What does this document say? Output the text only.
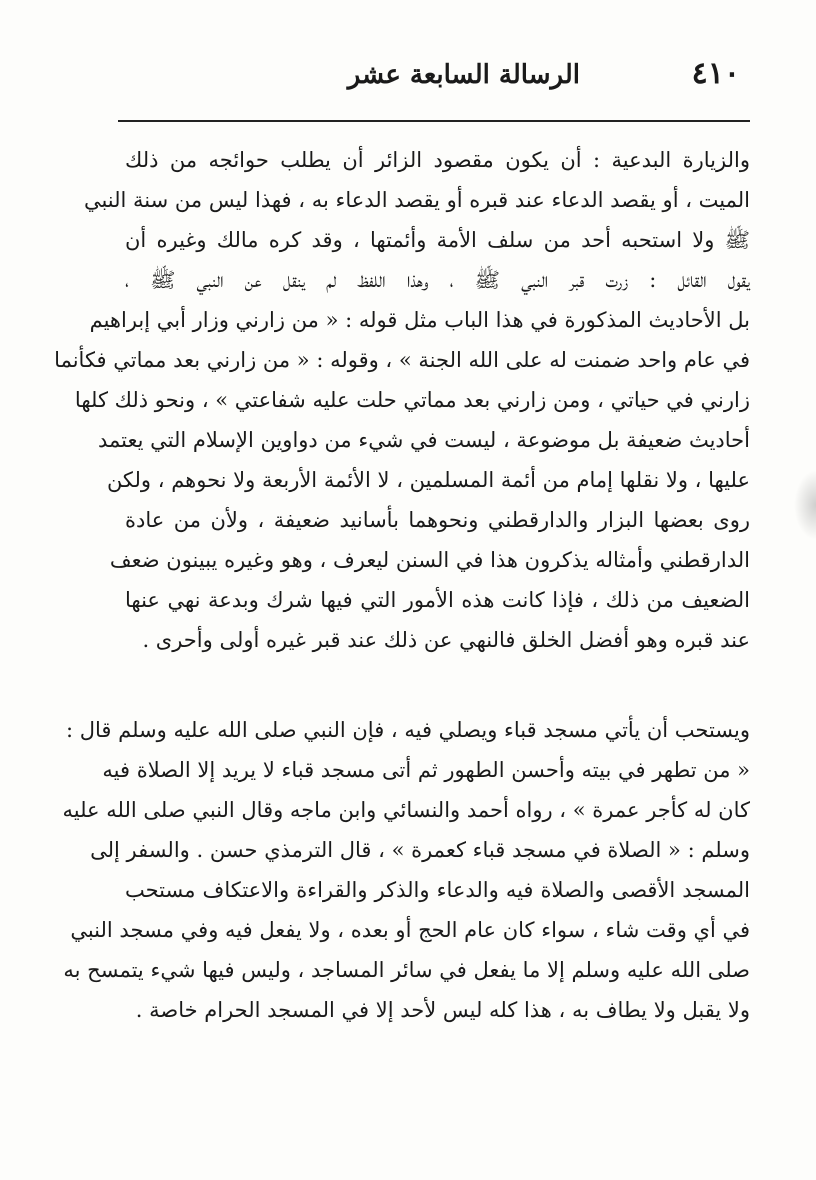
٤١٠
الرسالة السابعة عشر
والزيارة البدعية : أن يكون مقصود الزائر أن يطلب حوائجه من ذلك
الميت ، أو يقصد الدعاء عند قبره أو يقصد الدعاء به ، فهذا ليس من سنة النبي
ﷺ ولا استحبه أحد من سلف الأمة وأئمتها ، وقد كره مالك وغيره أن
يقول القائل : زرت قبر النبي ﷺ ، وهذا اللفظ لم ينقل عن النبي ﷺ ،
بل الأحاديث المذكورة في هذا الباب مثل قوله : « من زارني وزار أبي إبراهيم
في عام واحد ضمنت له على الله الجنة » ، وقوله : « من زارني بعد مماتي فكأنما
زارني في حياتي ، ومن زارني بعد مماتي حلت عليه شفاعتي » ، ونحو ذلك كلها
أحاديث ضعيفة بل موضوعة ، ليست في شيء من دواوين الإسلام التي يعتمد
عليها ، ولا نقلها إمام من أئمة المسلمين ، لا الأئمة الأربعة ولا نحوهم ، ولكن
روى بعضها البزار والدارقطني ونحوهما بأسانيد ضعيفة ، ولأن من عادة
الدارقطني وأمثاله يذكرون هذا في السنن ليعرف ، وهو وغيره يبينون ضعف
الضعيف من ذلك ، فإذا كانت هذه الأمور التي فيها شرك وبدعة نهي عنها
عند قبره وهو أفضل الخلق فالنهي عن ذلك عند قبر غيره أولى وأحرى .
ويستحب أن يأتي مسجد قباء ويصلي فيه ، فإن النبي صلى الله عليه وسلم قال :
« من تطهر في بيته وأحسن الطهور ثم أتى مسجد قباء لا يريد إلا الصلاة فيه
كان له كأجر عمرة » ، رواه أحمد والنسائي وابن ماجه وقال النبي صلى الله عليه
وسلم : « الصلاة في مسجد قباء كعمرة » ، قال الترمذي حسن . والسفر إلى
المسجد الأقصى والصلاة فيه والدعاء والذكر والقراءة والاعتكاف مستحب
في أي وقت شاء ، سواء كان عام الحج أو بعده ، ولا يفعل فيه وفي مسجد النبي
صلى الله عليه وسلم إلا ما يفعل في سائر المساجد ، وليس فيها شيء يتمسح به
ولا يقبل ولا يطاف به ، هذا كله ليس لأحد إلا في المسجد الحرام خاصة .
